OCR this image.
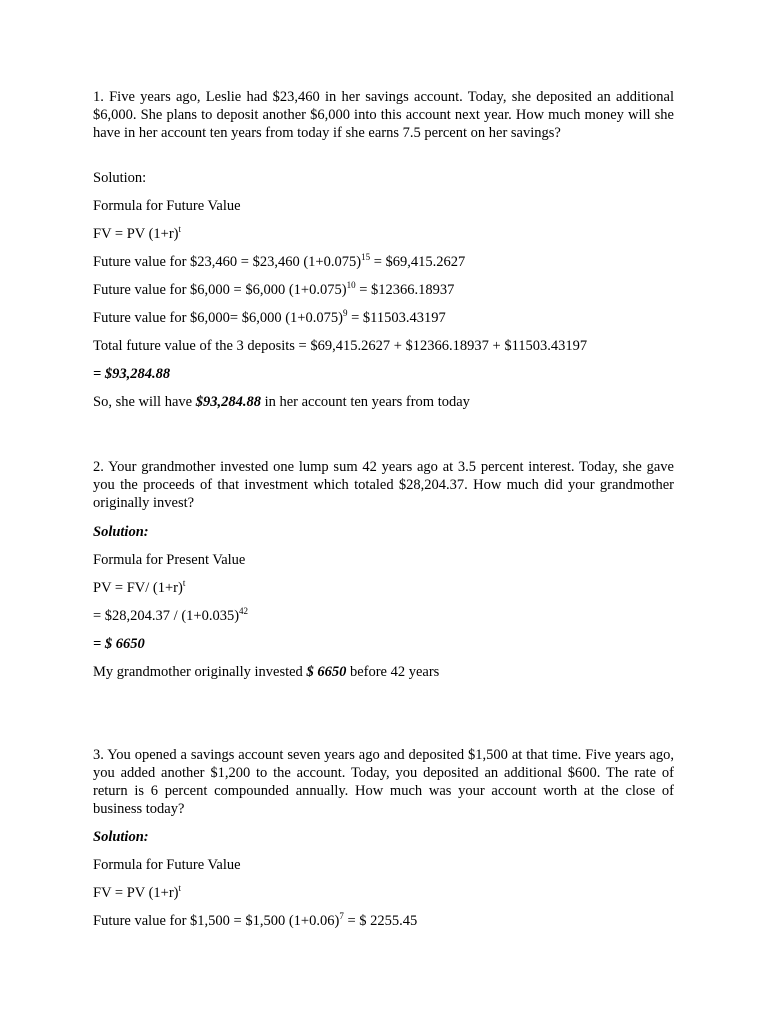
1. Five years ago, Leslie had $23,460 in her savings account. Today, she deposited an additional $6,000. She plans to deposit another $6,000 into this account next year. How much money will she have in her account ten years from today if she earns 7.5 percent on her savings?
Solution:
Formula for Future Value
FV = PV $(1+r)^t$
Future value for $23,460 = $23,460 $(1+0.075)^{15}$ = $69,415.2627
Future value for $6,000 = $6,000 $(1+0.075)^{10}$ = $12366.18937
Future value for $6,000= $6,000 $(1+0.075)^9$ = $11503.43197
Total future value of the 3 deposits = $69,415.2627 + $12366.18937 + $11503.43197
= $93,284.88
So, she will have $93,284.88 in her account ten years from today
2. Your grandmother invested one lump sum 42 years ago at 3.5 percent interest. Today, she gave you the proceeds of that investment which totaled $28,204.37. How much did your grandmother originally invest?
Solution:
Formula for Present Value
PV = FV/ $(1+r)^t$
= $28,204.37 / $(1+0.035)^{42}$
= $ 6650
My grandmother originally invested $ 6650 before 42 years
3. You opened a savings account seven years ago and deposited $1,500 at that time. Five years ago, you added another $1,200 to the account. Today, you deposited an additional $600. The rate of return is 6 percent compounded annually. How much was your account worth at the close of business today?
Solution:
Formula for Future Value
FV = PV $(1+r)^t$
Future value for $1,500 = $1,500 $(1+0.06)^7$ = $ 2255.45
